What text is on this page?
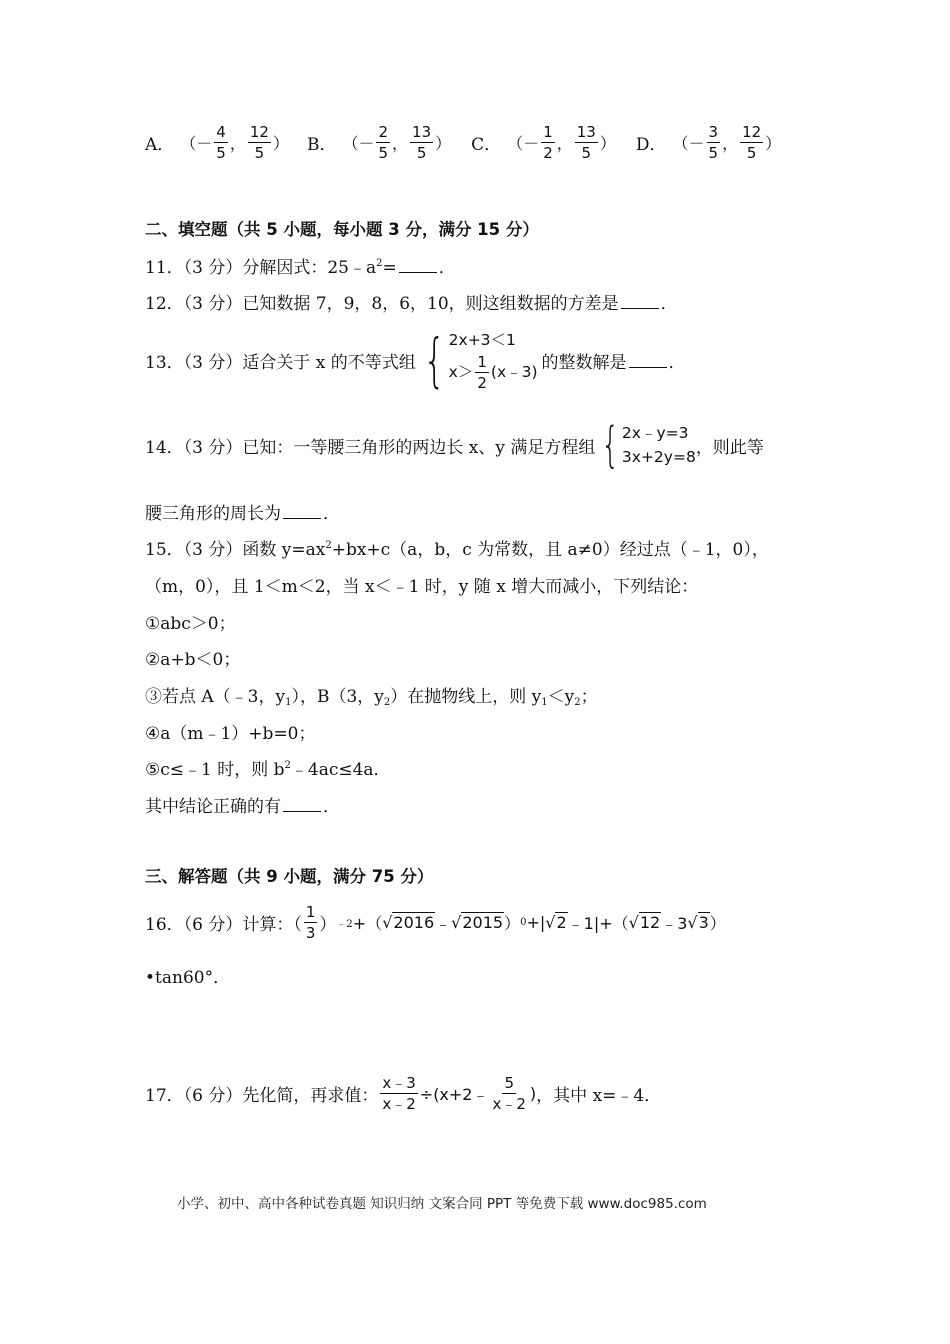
A． （－ $\frac{4}{5}$ ， $\frac{12}{5}$ ） B． （－ $\frac{2}{5}$ ， $\frac{13}{5}$ ） C． （－ $\frac{1}{2}$ ， $\frac{13}{5}$ ） D． （－ $\frac{3}{5}$ ， $\frac{12}{5}$ ）
二、填空题（共 5 小题，每小题 3 分，满分 15 分）
11．（3 分）分解因式：$25﹣a^2=$ ．
12．（3 分）已知数据 7，9，8，6，10，则这组数据的方差是 ．
13．（3 分）适合关于 x 的不等式组 { 2x+3＜1
$x> \frac{1}{2}$ (x﹣3) 的整数解是 ．
14．（3 分）已知：一等腰三角形的两边长 x、y 满足方程组 { 2x﹣y=3
3x+2y=8 ，则此等
腰三角形的周长为 ．
15．（3 分）函数 $y=ax^2+bx+c(a$，b，c 为常数，且 a≠0）经过点（﹣1，0），
（m，0），且 1＜m＜2，当 x＜﹣1 时，y 随 x 增大而减小，下列结论：
①abc＞0；
②a+b＜0；
③若点 A（﹣3，$y_1$），B（3，$y_2$）在抛物线上，则 $y_1<y_2$；
④a（m﹣1）+b=0；
⑤c≤﹣1 时，则 $b^2﹣4ac\le 4a$．
其中结论正确的有 ．
三、解答题（共 9 小题，满分 75 分）
16．（6 分）计算：（ $\frac{1}{3}$ ） ﹣2 +（ √2016 ﹣ √2015 ） 0 +| √2 ﹣1|+（ √12 ﹣3 √3 ）
•tan60°．
17．（6 分）先化简，再求值： $\frac{x﹣3}{x﹣2}$ ÷(x+2﹣ $\frac{5}{x﹣2}$ ) ，其中 x=﹣4．
小学、初中、高中各种试卷真题 知识归纳 文案合同 PPT 等免费下载 www.doc985.com
